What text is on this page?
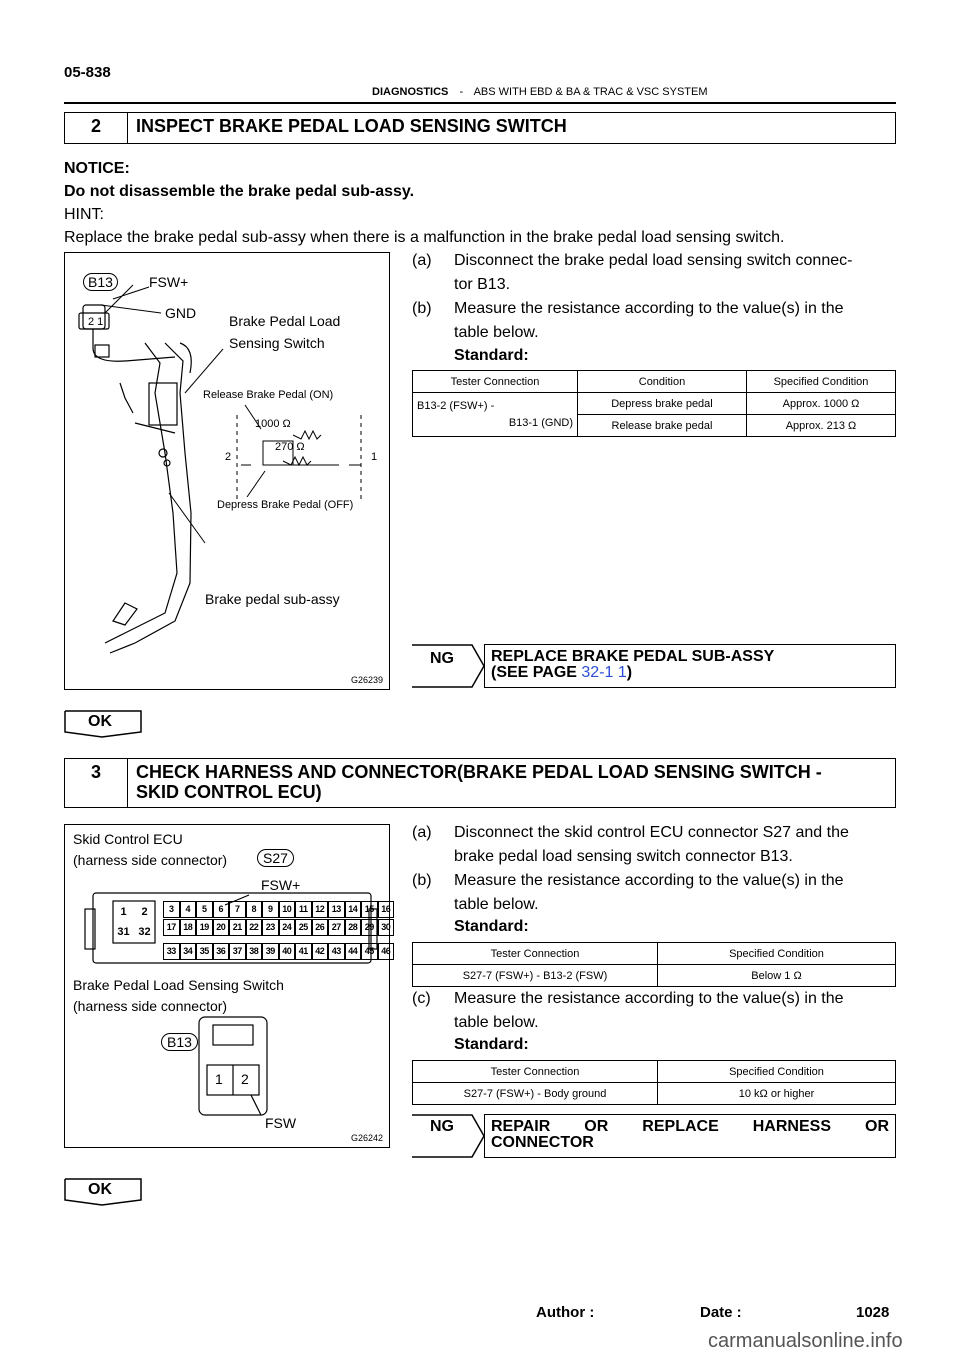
05-838
DIAGNOSTICS - ABS WITH EBD & BA & TRAC & VSC SYSTEM
2	INSPECT BRAKE PEDAL LOAD SENSING SWITCH
NOTICE:
Do not disassemble the brake pedal sub-assy.
HINT:
Replace the brake pedal sub-assy when there is a malfunction in the brake pedal load sensing switch.
B13	FSW+
GND
2 1	Brake Pedal Load
Sensing Switch
Release Brake Pedal (ON)
1000 Ω
270 Ω
2	1
Depress Brake Pedal (OFF)
Brake pedal sub-assy
G26239
(a) Disconnect the brake pedal load sensing switch connec-
tor B13.
(b) Measure the resistance according to the value(s) in the
table below.
Standard:
Tester Connection	Condition	Specified Condition

B13-2 (FSW+) -
B13-1 (GND)	Depress brake pedal	Approx. 1000 Ω
	Release brake pedal	Approx. 213 Ω
NG REPLACE BRAKE PEDAL SUB-ASSY
(SEE PAGE 32-1 1)
OK
3	CHECK HARNESS AND CONNECTOR(BRAKE PEDAL LOAD SENSING SWITCH -
SKID CONTROL ECU)
Skid Control ECU
(harness side connector)	S27
FSW+
1 2
31 32
3	4	5	6	7	8	9	10 11 12 13 14 15 16
17 18 19 20 21 22 23 24 25 26 27 28 29 30
33 34 35 36 37 38 39 40 41 42 43 44 45 46
Brake Pedal Load Sensing Switch
(harness side connector)
B13
1 2
FSW
G26242
(a) Disconnect the skid control ECU connector S27 and the
brake pedal load sensing switch connector B13.
(b) Measure the resistance according to the value(s) in the
table below.
Standard:
Tester Connection	Specified Condition
S27-7 (FSW+) - B13-2 (FSW)	Below 1 Ω
(c) Measure the resistance according to the value(s) in the
table below.
Standard:
Tester Connection	Specified Condition
S27-7 (FSW+) - Body ground	10 kΩ or higher
NG REPAIR OR REPLACE HARNESS OR
CONNECTOR
OK
Author :	Date :	1028
carmanualsonline.info
